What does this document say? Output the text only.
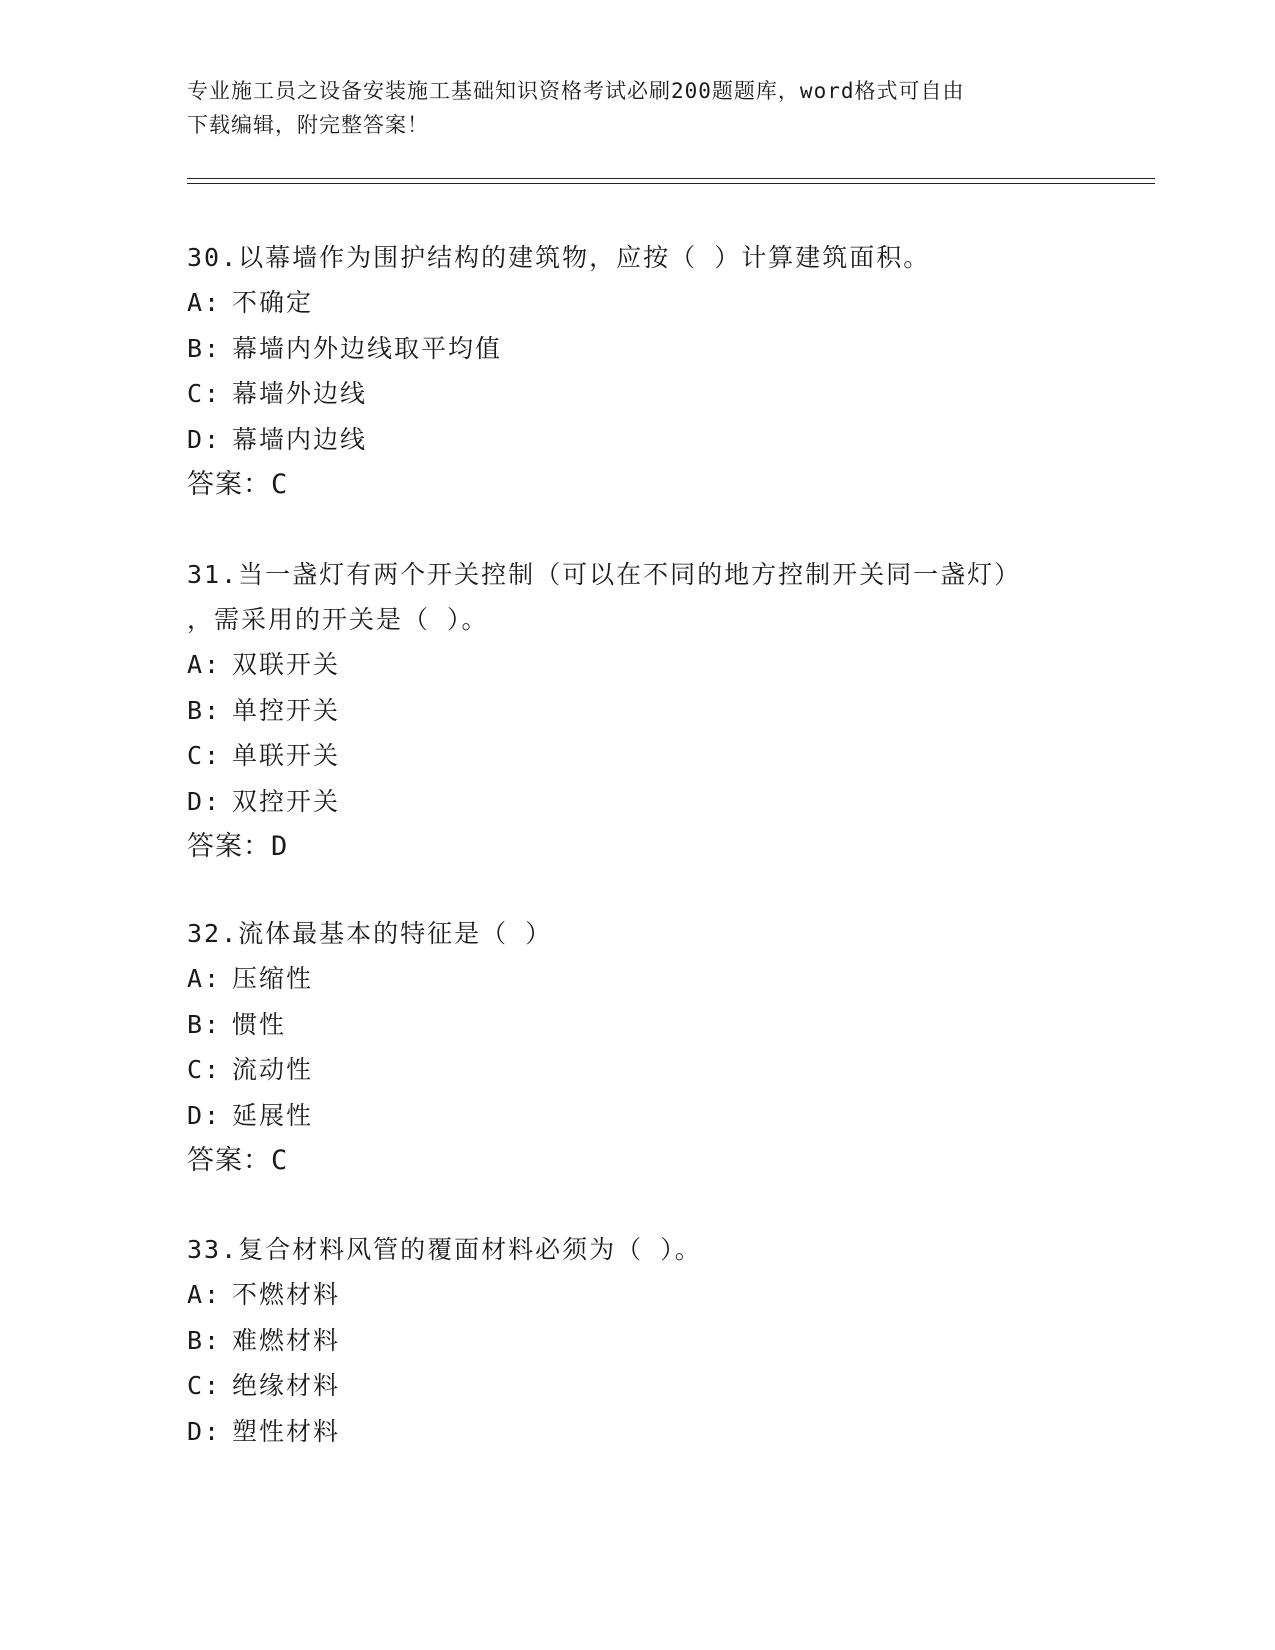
专业施工员之设备安装施工基础知识资格考试必刷200题题库，word格式可自由
下载编辑，附完整答案！
30.以幕墙作为围护结构的建筑物，应按（ ）计算建筑面积。
A: 不确定
B: 幕墙内外边线取平均值
C: 幕墙外边线
D: 幕墙内边线
答案：C
31.当一盏灯有两个开关控制（可以在不同的地方控制开关同一盏灯）
，需采用的开关是（ ）。
A: 双联开关
B: 单控开关
C: 单联开关
D: 双控开关
答案：D
32.流体最基本的特征是（ ）
A: 压缩性
B: 惯性
C: 流动性
D: 延展性
答案：C
33.复合材料风管的覆面材料必须为（ ）。
A: 不燃材料
B: 难燃材料
C: 绝缘材料
D: 塑性材料
